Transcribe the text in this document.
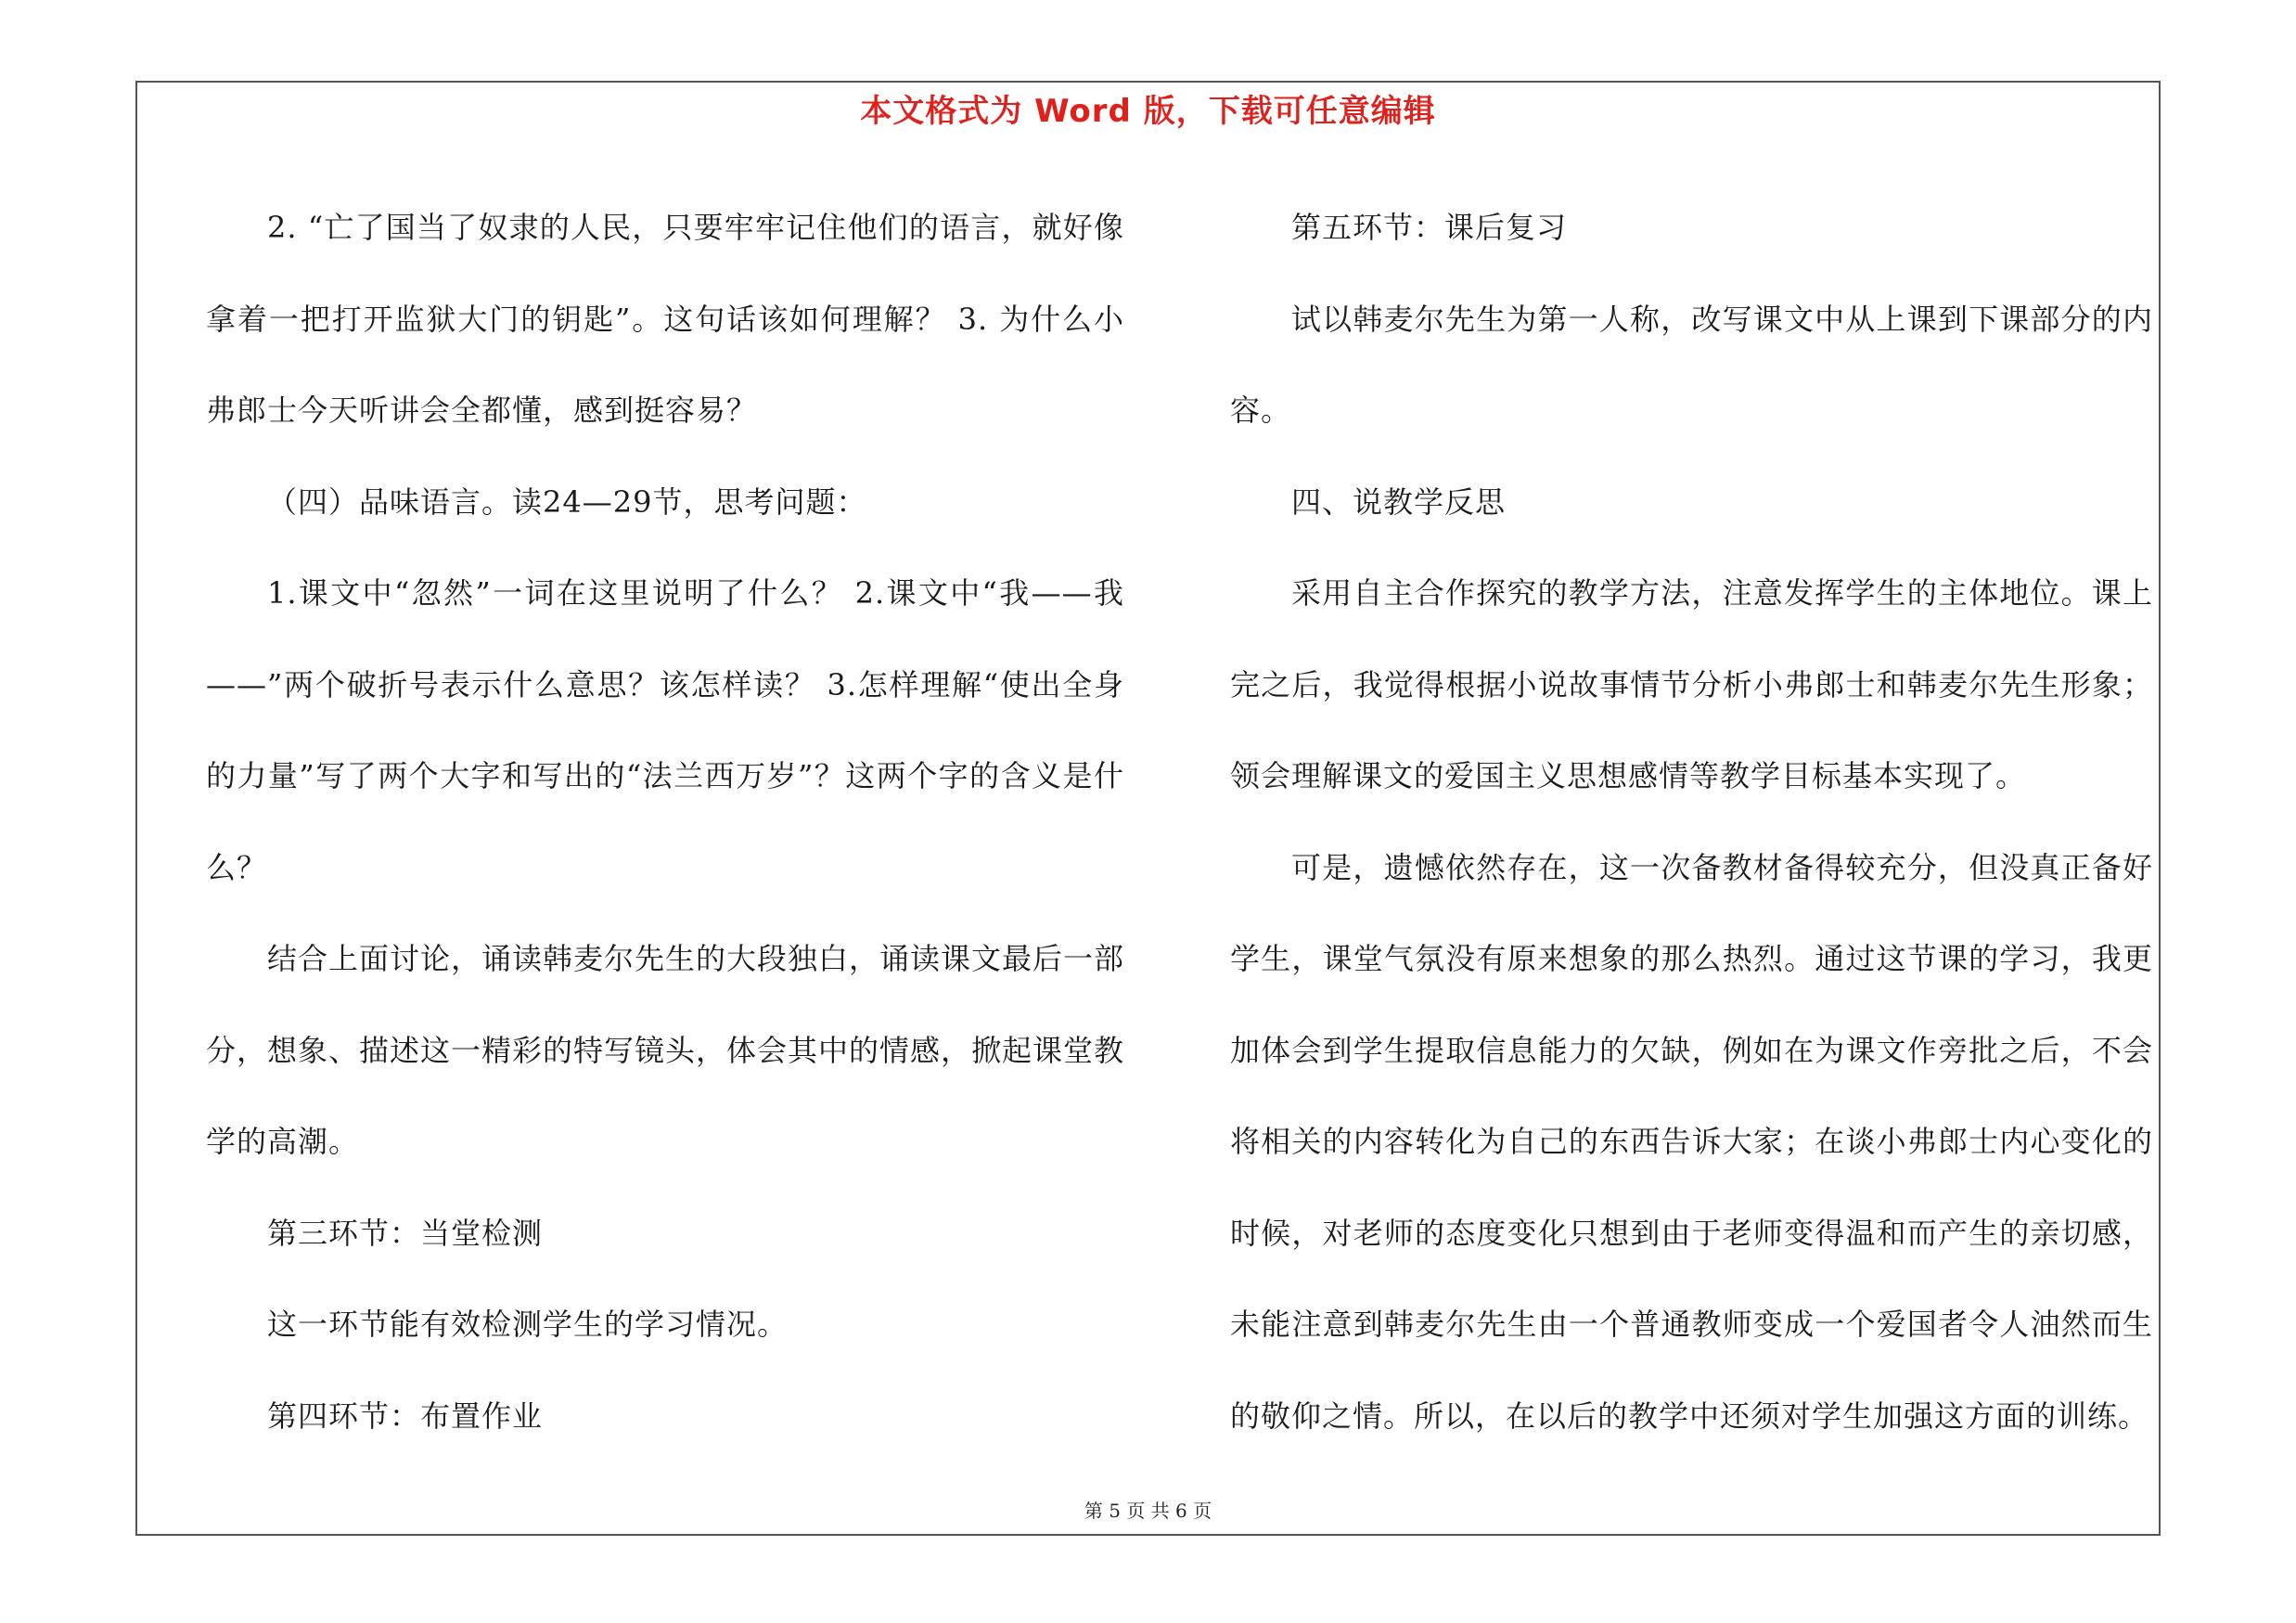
本文格式为 Word 版，下载可任意编辑

2. “亡了国当了奴隶的人民，只要牢牢记住他们的语言，就好像拿着一把打开监狱大门的钥匙”。这句话该如何理解？ 3. 为什么小弗郎士今天听讲会全都懂，感到挺容易？

（四）品味语言。读24—29节，思考问题：

1.课文中“忽然”一词在这里说明了什么？ 2.课文中“我——我——”两个破折号表示什么意思？该怎样读？ 3.怎样理解“使出全身的力量”写了两个大字和写出的“法兰西万岁”？这两个字的含义是什么？

结合上面讨论，诵读韩麦尔先生的大段独白，诵读课文最后一部分，想象、描述这一精彩的特写镜头，体会其中的情感，掀起课堂教学的高潮。

第三环节：当堂检测

这一环节能有效检测学生的学习情况。

第四环节：布置作业

第五环节：课后复习

试以韩麦尔先生为第一人称，改写课文中从上课到下课部分的内容。

四、说教学反思

采用自主合作探究的教学方法，注意发挥学生的主体地位。课上完之后，我觉得根据小说故事情节分析小弗郎士和韩麦尔先生形象；领会理解课文的爱国主义思想感情等教学目标基本实现了。

可是，遗憾依然存在，这一次备教材备得较充分，但没真正备好学生，课堂气氛没有原来想象的那么热烈。通过这节课的学习，我更加体会到学生提取信息能力的欠缺，例如在为课文作旁批之后，不会将相关的内容转化为自己的东西告诉大家；在谈小弗郎士内心变化的时候，对老师的态度变化只想到由于老师变得温和而产生的亲切感，未能注意到韩麦尔先生由一个普通教师变成一个爱国者令人油然而生的敬仰之情。所以，在以后的教学中还须对学生加强这方面的训练。

第 5 页 共 6 页
